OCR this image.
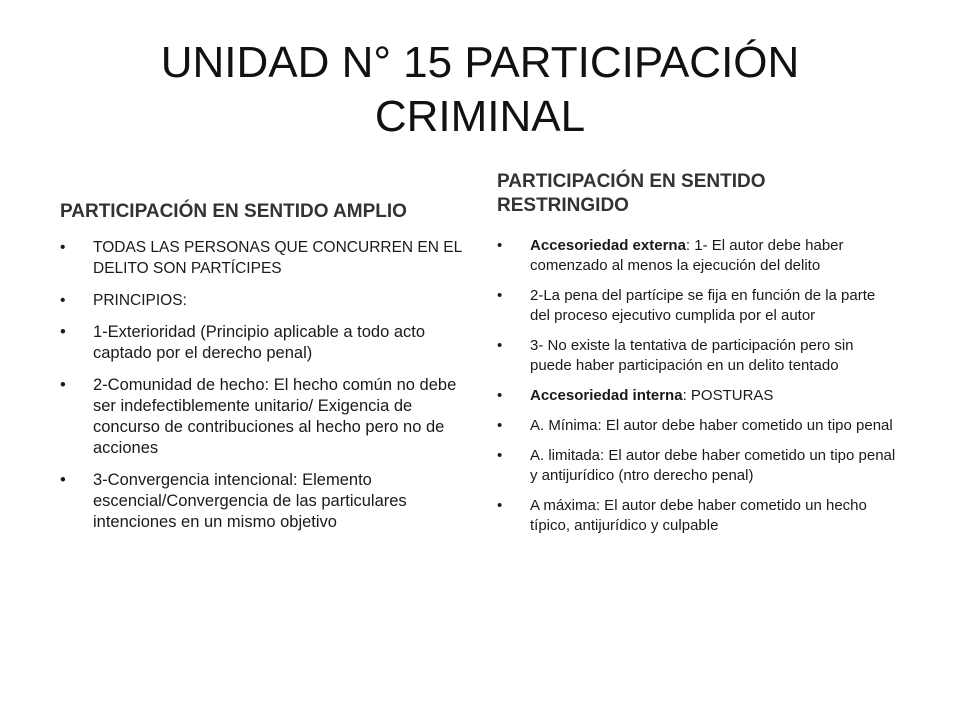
UNIDAD N° 15 PARTICIPACIÓN CRIMINAL
PARTICIPACIÓN EN SENTIDO AMPLIO
• TODAS LAS PERSONAS QUE CONCURREN EN EL DELITO SON PARTÍCIPES
• PRINCIPIOS:
• 1-Exterioridad (Principio aplicable a todo acto captado por el derecho penal)
• 2-Comunidad de hecho: El hecho común no debe ser indefectiblemente unitario/ Exigencia de concurso de contribuciones al hecho pero no de acciones
• 3-Convergencia intencional: Elemento escencial/Convergencia de las particulares intenciones en un mismo objetivo
PARTICIPACIÓN EN SENTIDO RESTRINGIDO
• Accesoriedad externa: 1- El autor debe haber comenzado al menos la ejecución del delito
• 2-La pena del partícipe se fija en función de la parte del proceso ejecutivo cumplida por el autor
• 3- No existe la tentativa de participación pero sin puede haber participación en un delito tentado
• Accesoriedad interna: POSTURAS
• A. Mínima: El autor debe haber cometido un tipo penal
• A. limitada: El autor debe haber cometido un tipo penal y antijurídico (ntro derecho penal)
• A máxima: El autor debe haber cometido un hecho típico, antijurídico y culpable
